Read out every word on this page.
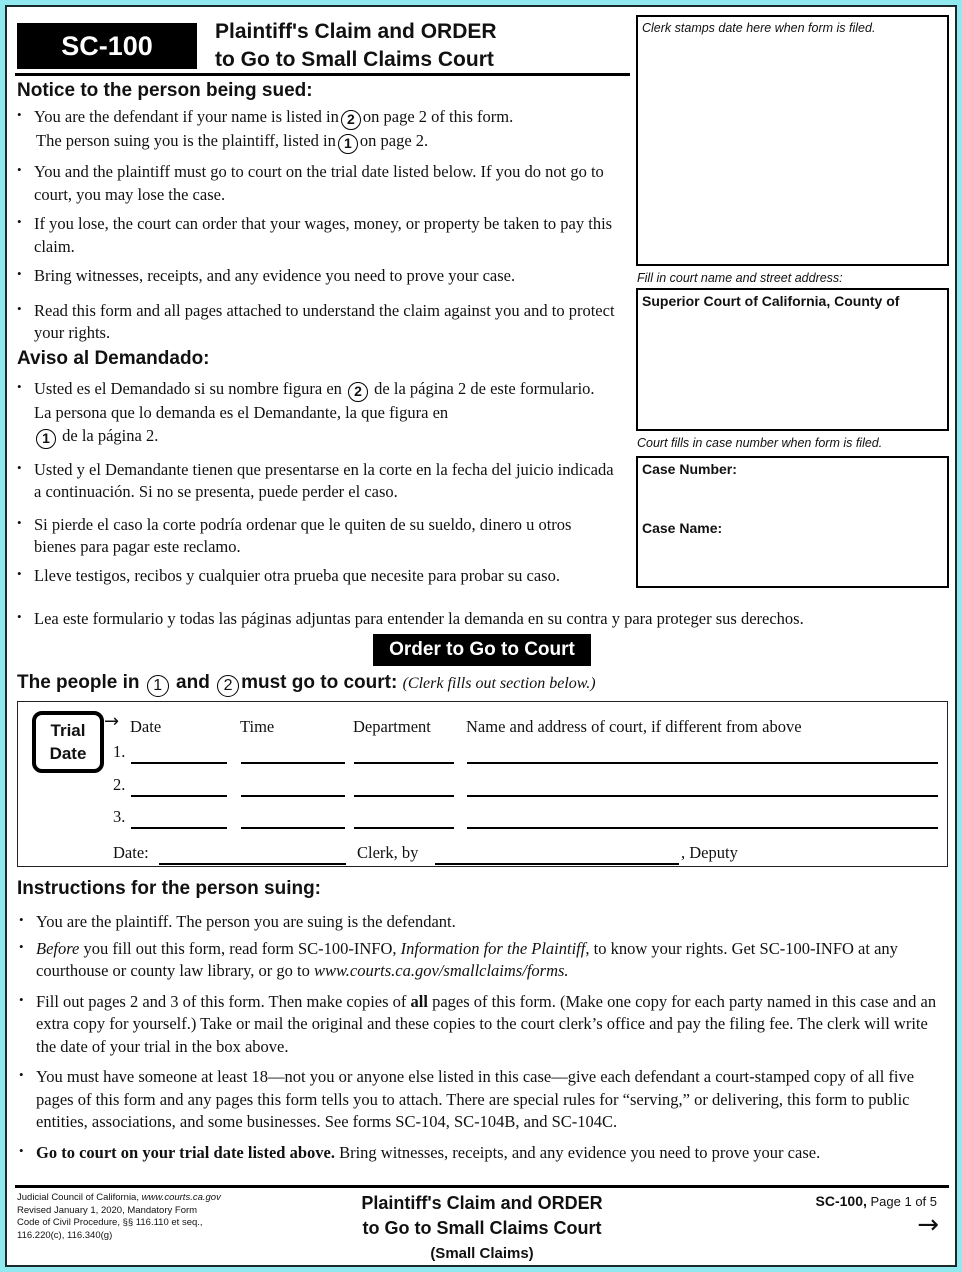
SC-100	Plaintiff's Claim and ORDER
to Go to Small Claims Court
Notice to the person being sued:
• You are the defendant if your name is listed in 2 on page 2 of this form.
The person suing you is the plaintiff, listed in 1 on page 2.
• You and the plaintiff must go to court on the trial date listed below. If you do not go to court, you may lose the case.
• If you lose, the court can order that your wages, money, or property be taken to pay this claim.
• Bring witnesses, receipts, and any evidence you need to prove your case.
• Read this form and all pages attached to understand the claim against you and to protect your rights.
Aviso al Demandado:
• Usted es el Demandado si su nombre figura en 2 de la página 2 de este formulario. La persona que lo demanda es el Demandante, la que figura en
1 de la página 2.
• Usted y el Demandante tienen que presentarse en la corte en la fecha del juicio indicada a continuación. Si no se presenta, puede perder el caso.
• Si pierde el caso la corte podría ordenar que le quiten de su sueldo, dinero u otros bienes para pagar este reclamo.
• Lleve testigos, recibos y cualquier otra prueba que necesite para probar su caso.
• Lea este formulario y todas las páginas adjuntas para entender la demanda en su contra y para proteger sus derechos.
Clerk stamps date here when form is filed.
Fill in court name and street address:
Superior Court of California, County of
Court fills in case number when form is filed.
Case Number:
Case Name:
Order to Go to Court
The people in 1 and 2 must go to court: (Clerk fills out section below.)
Trial
Date
→ Date	Time	Department Name and address of court, if different from above
1.
2.
3.
Date:	Clerk, by	, Deputy
Instructions for the person suing:
• You are the plaintiff. The person you are suing is the defendant.
• Before you fill out this form, read form SC-100-INFO, Information for the Plaintiff, to know your rights. Get SC-100-INFO at any courthouse or county law library, or go to www.courts.ca.gov/smallclaims/forms.
• Fill out pages 2 and 3 of this form. Then make copies of all pages of this form. (Make one copy for each party named in this case and an extra copy for yourself.) Take or mail the original and these copies to the court clerk’s office and pay the filing fee. The clerk will write the date of your trial in the box above.
• You must have someone at least 18—not you or anyone else listed in this case—give each defendant a court-stamped copy of all five pages of this form and any pages this form tells you to attach. There are special rules for “serving,” or delivering, this form to public entities, associations, and some businesses. See forms SC-104, SC-104B, and SC-104C.
• Go to court on your trial date listed above. Bring witnesses, receipts, and any evidence you need to prove your case.
Judicial Council of California, www.courts.ca.gov
Revised January 1, 2020, Mandatory Form
Code of Civil Procedure, §§ 116.110 et seq.,
116.220(c), 116.340(g)
Plaintiff's Claim and ORDER
to Go to Small Claims Court
(Small Claims)
SC-100, Page 1 of 5
→
